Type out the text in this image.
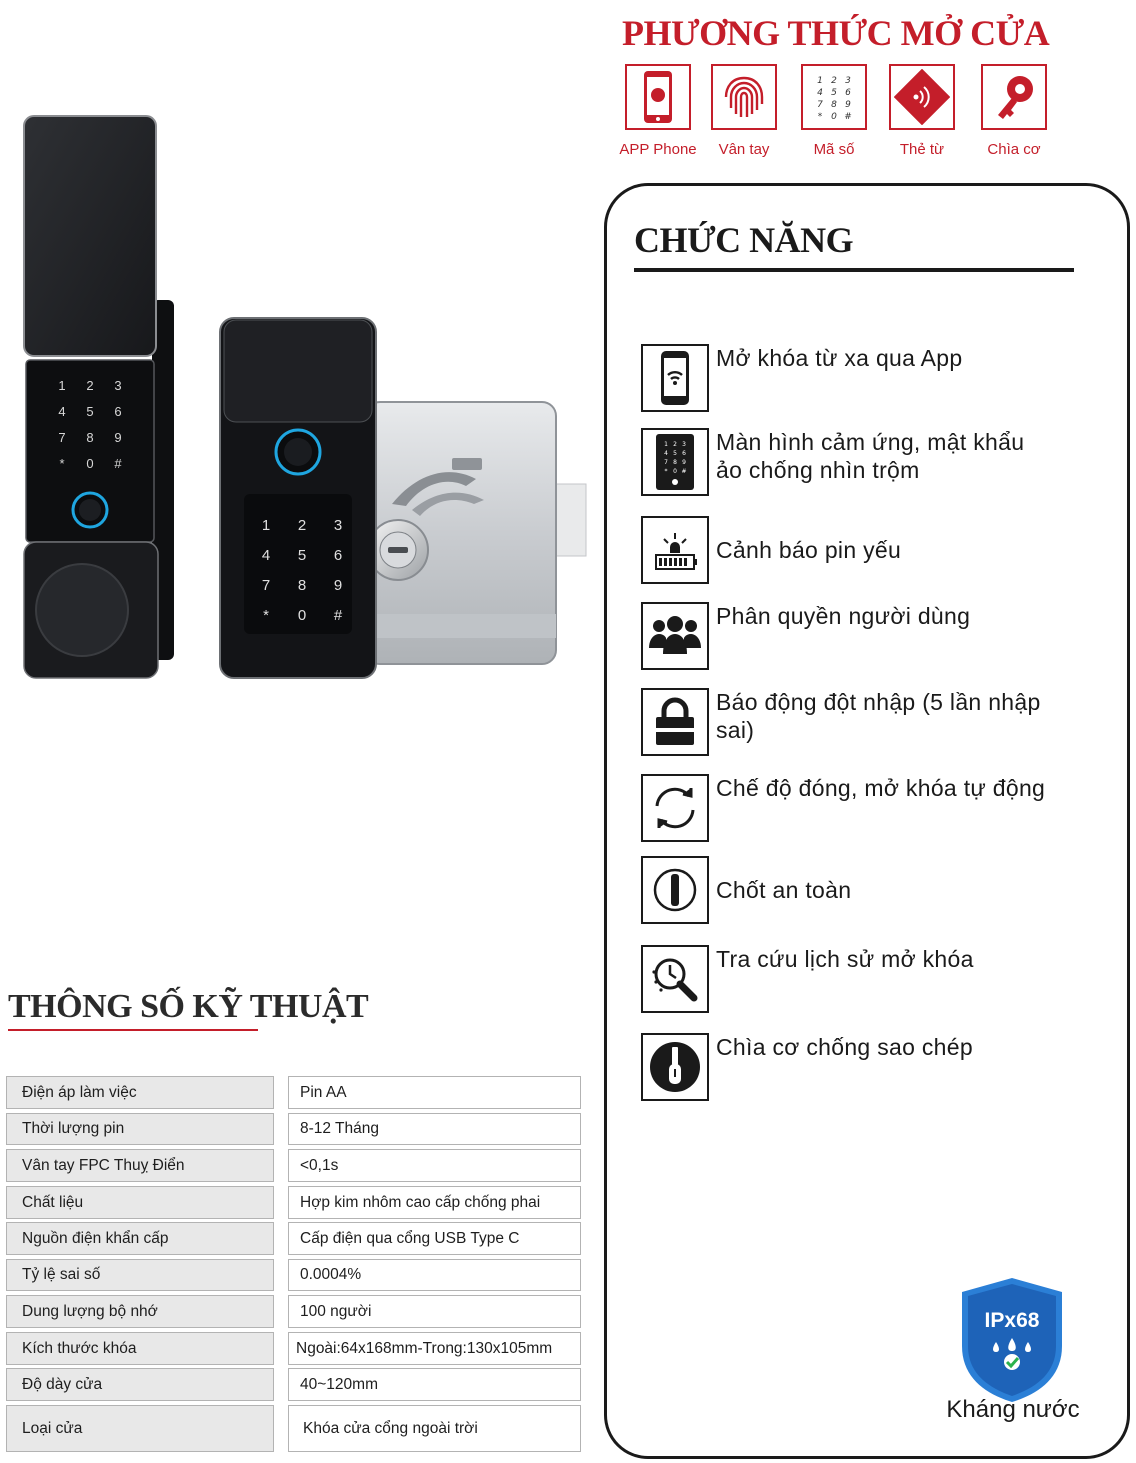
1 2 3
4 5 6
7 8 9
* 0 #
1 2 3
4 5 6
7 8 9
* 0 #
PHƯƠNG THỨC MỞ CỬA
APP Phone	Vân tay
1 2 3
4 5 6
7 8 9
* 0 #
Mã số	Thẻ từ	Chìa cơ
CHỨC NĂNG
Mở khóa từ xa qua App
1 2 3
4 5 6
7 8 9
* 0 #
Màn hình cảm ứng, mật khẩu ảo chống nhìn trộm
Cảnh báo pin yếu
Phân quyền người dùng
Báo động đột nhập (5 lần nhập sai)
Chế độ đóng, mở khóa tự động
Chốt an toàn
Tra cứu lịch sử mở khóa
Chìa cơ chống sao chép
IPx68
Kháng nước
THÔNG SỐ KỸ THUẬT
Điện áp làm việc	Pin AA
Thời lượng pin	8-12 Tháng
Vân tay FPC Thuỵ Điển	<0,1s
Chất liệu	Hợp kim nhôm cao cấp chống phai
Nguồn điện khẩn cấp	Cấp điện qua cổng USB Type C
Tỷ lệ sai số	0.0004%
Dung lượng bộ nhớ	100 người
Kích thước khóa	Ngoài:64x168mm-Trong:130x105mm
Độ dày cửa	40~120mm
Loại cửa	Khóa cửa cổng ngoài trời
